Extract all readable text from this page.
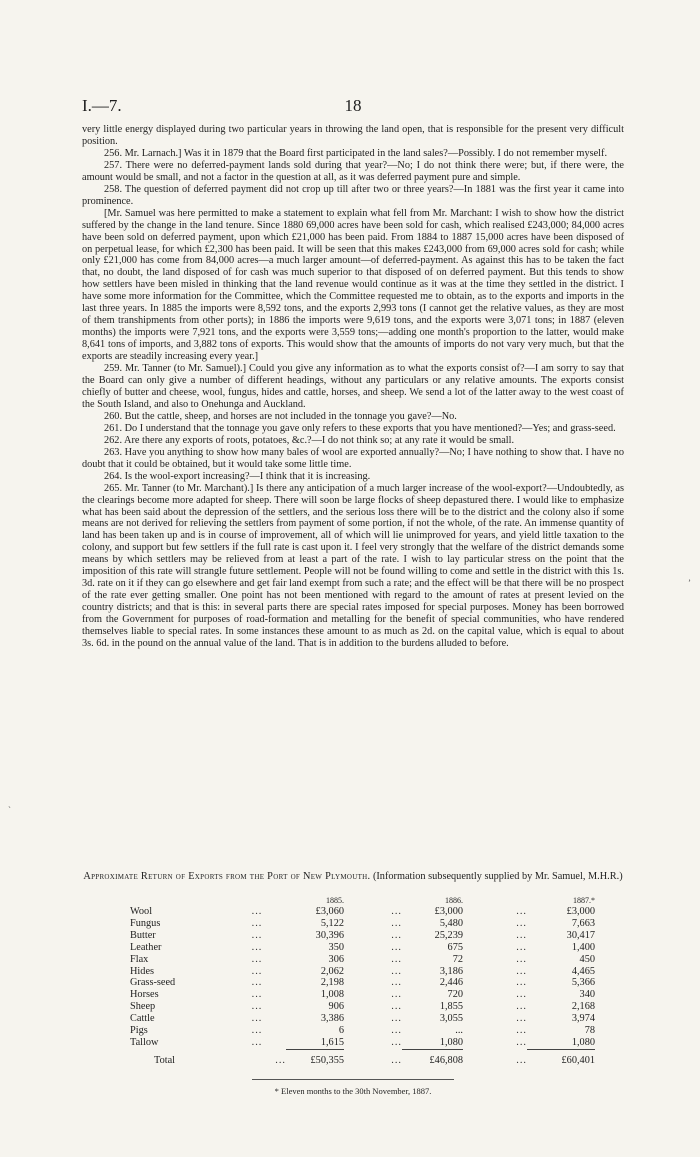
I.—7.	18

very little energy displayed during two particular years in throwing the land open, that is responsible for the present very difficult position.

256. Mr. Larnach.] Was it in 1879 that the Board first participated in the land sales?—Possibly. I do not remember myself.

257. There were no deferred-payment lands sold during that year?—No; I do not think there were; but, if there were, the amount would be small, and not a factor in the question at all, as it was deferred payment pure and simple.

258. The question of deferred payment did not crop up till after two or three years?—In 1881 was the first year it came into prominence.

[Mr. Samuel was here permitted to make a statement to explain what fell from Mr. Marchant: I wish to show how the district suffered by the change in the land tenure. Since 1880 69,000 acres have been sold for cash, which realised £243,000; 84,000 acres have been sold on deferred payment, upon which £21,000 has been paid. From 1884 to 1887 15,000 acres have been disposed of on perpetual lease, for which £2,300 has been paid. It will be seen that this makes £243,000 from 69,000 acres sold for cash; while only £21,000 has come from 84,000 acres—a much larger amount—of deferred-payment. As against this has to be taken the fact that, no doubt, the land disposed of for cash was much superior to that disposed of on deferred payment. But this tends to show how settlers have been misled in thinking that the land revenue would continue as it was at the time they settled in the district. I have some more information for the Committee, which the Committee requested me to obtain, as to the exports and imports in the last three years. In 1885 the imports were 8,592 tons, and the exports 2,993 tons (I cannot get the relative values, as they are most of them transhipments from other ports); in 1886 the imports were 9,619 tons, and the exports were 3,071 tons; in 1887 (eleven months) the imports were 7,921 tons, and the exports were 3,559 tons;—adding one month's proportion to the latter, would make 8,641 tons of imports, and 3,882 tons of exports. This would show that the amounts of imports do not vary very much, but that the exports are steadily increasing every year.]

259. Mr. Tanner (to Mr. Samuel).] Could you give any information as to what the exports consist of?—I am sorry to say that the Board can only give a number of different headings, without any particulars or any relative amounts. The exports consist chiefly of butter and cheese, wool, fungus, hides and cattle, horses, and sheep. We send a lot of the latter away to the west coast of the South Island, and also to Onehunga and Auckland.

260. But the cattle, sheep, and horses are not included in the tonnage you gave?—No.

261. Do I understand that the tonnage you gave only refers to these exports that you have mentioned?—Yes; and grass-seed.

262. Are there any exports of roots, potatoes, &c.?—I do not think so; at any rate it would be small.

263. Have you anything to show how many bales of wool are exported annually?—No; I have nothing to show that. I have no doubt that it could be obtained, but it would take some little time.

264. Is the wool-export increasing?—I think that it is increasing.

265. Mr. Tanner (to Mr. Marchant).] Is there any anticipation of a much larger increase of the wool-export?—Undoubtedly, as the clearings become more adapted for sheep. There will soon be large flocks of sheep depastured there. I would like to emphasize what has been said about the depression of the settlers, and the serious loss there will be to the district and the colony also if some means are not derived for relieving the settlers from payment of some portion, if not the whole, of the rate. An immense quantity of land has been taken up and is in course of improvement, all of which will lie unimproved for years, and yield little taxation to the colony, and support but few settlers if the full rate is cast upon it. I feel very strongly that the welfare of the district demands some means by which settlers may be relieved from at least a part of the rate. I wish to lay particular stress on the point that the imposition of this rate will strangle future settlement. People will not be found willing to come and settle in the district with this 1s. 3d. rate on it if they can go elsewhere and get fair land exempt from such a rate; and the effect will be that there will be no prospect of the rate ever getting smaller. One point has not been mentioned with regard to the amount of rates at present levied on the country districts; and that is this: in several parts there are special rates imposed for special purposes. Money has been borrowed from the Government for purposes of road-formation and metalling for the benefit of special communities, who have rendered themselves liable to special rates. In some instances these amount to as much as 2d. on the capital value, which is equal to about 3s. 6d. in the pound on the annual value of the land. That is in addition to the burdens alluded to before.

Approximate Return of Exports from the Port of New Plymouth. (Information subsequently supplied by Mr. Samuel, M.H.R.)
		1885.		1886.		1887.*
Wool	...	£3,060	...	£3,000	...	£3,000
Fungus	...	5,122	...	5,480	...	7,663
Butter	...	30,396	...	25,239	...	30,417
Leather	...	350	...	675	...	1,400
Flax	...	306	...	72	...	450
Hides	...	2,062	...	3,186	...	4,465
Grass-seed	...	2,198	...	2,446	...	5,366
Horses	...	1,008	...	720	...	340
Sheep	...	906	...	1,855	...	2,168
Cattle	...	3,386	...	3,055	...	3,974
Pigs	...	6	...	...	...	78
Tallow	...	1,615	...	1,080	...	1,080
Total	...	£50,355	...	£46,808	...	£60,401
* Eleven months to the 30th November, 1887.
ˎ
ʼ
